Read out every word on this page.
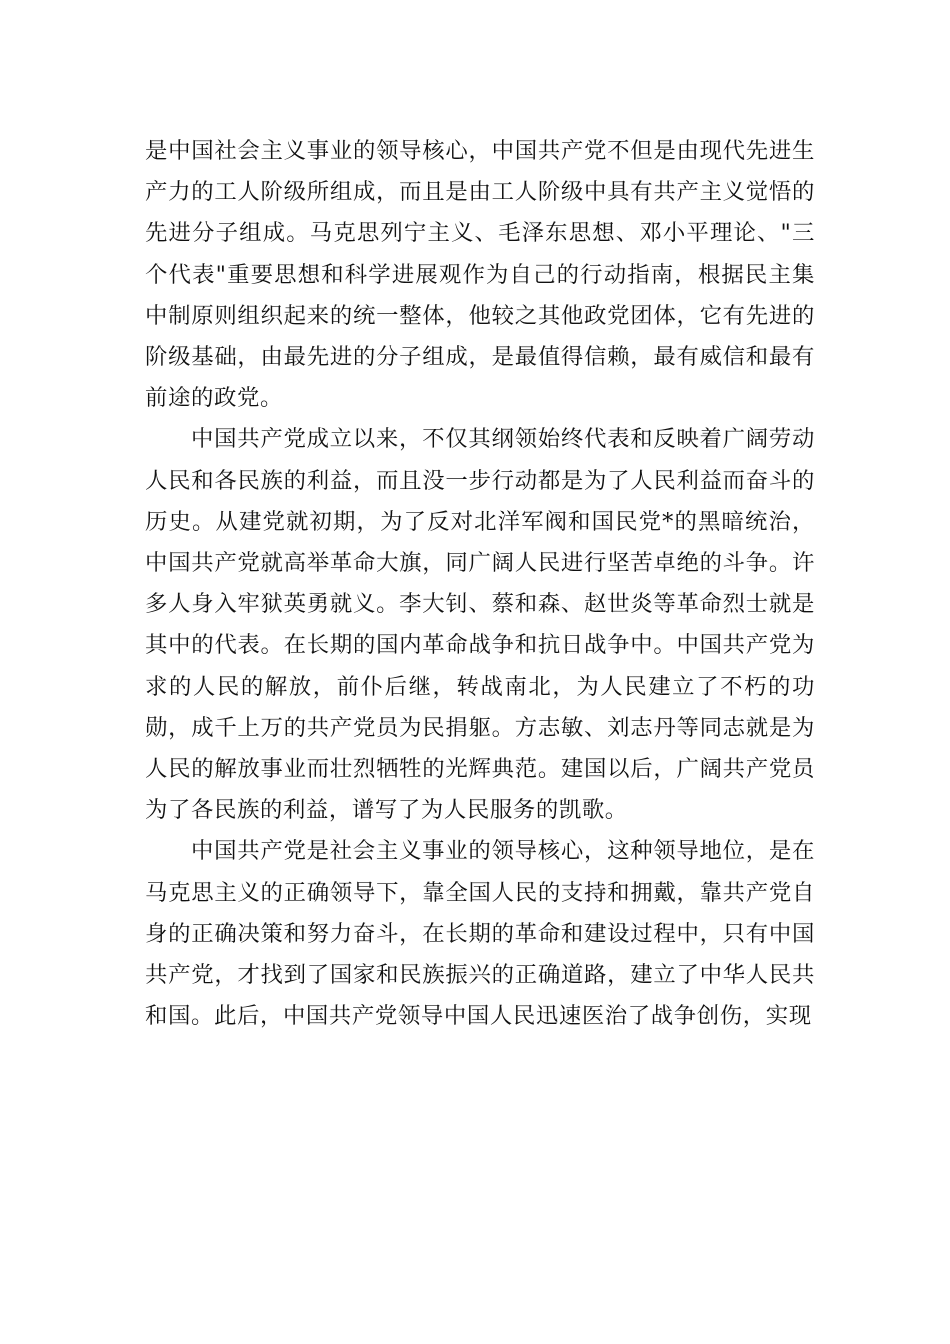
是中国社会主义事业的领导核心，中国共产党不但是由现代先进生产力的工人阶级所组成，而且是由工人阶级中具有共产主义觉悟的先进分子组成。马克思列宁主义、毛泽东思想、邓小平理论、"三个代表"重要思想和科学进展观作为自己的行动指南，根据民主集中制原则组织起来的统一整体，他较之其他政党团体，它有先进的阶级基础，由最先进的分子组成，是最值得信赖，最有威信和最有前途的政党。

中国共产党成立以来，不仅其纲领始终代表和反映着广阔劳动人民和各民族的利益，而且没一步行动都是为了人民利益而奋斗的历史。从建党就初期，为了反对北洋军阀和国民党*的黑暗统治，中国共产党就高举革命大旗，同广阔人民进行坚苦卓绝的斗争。许多人身入牢狱英勇就义。李大钊、蔡和森、赵世炎等革命烈士就是其中的代表。在长期的国内革命战争和抗日战争中。中国共产党为求的人民的解放，前仆后继，转战南北，为人民建立了不朽的功勋，成千上万的共产党员为民捐躯。方志敏、刘志丹等同志就是为人民的解放事业而壮烈牺牲的光辉典范。建国以后，广阔共产党员为了各民族的利益，谱写了为人民服务的凯歌。

中国共产党是社会主义事业的领导核心，这种领导地位，是在马克思主义的正确领导下，靠全国人民的支持和拥戴，靠共产党自身的正确决策和努力奋斗，在长期的革命和建设过程中，只有中国共产党，才找到了国家和民族振兴的正确道路，建立了中华人民共和国。此后，中国共产党领导中国人民迅速医治了战争创伤，实现
